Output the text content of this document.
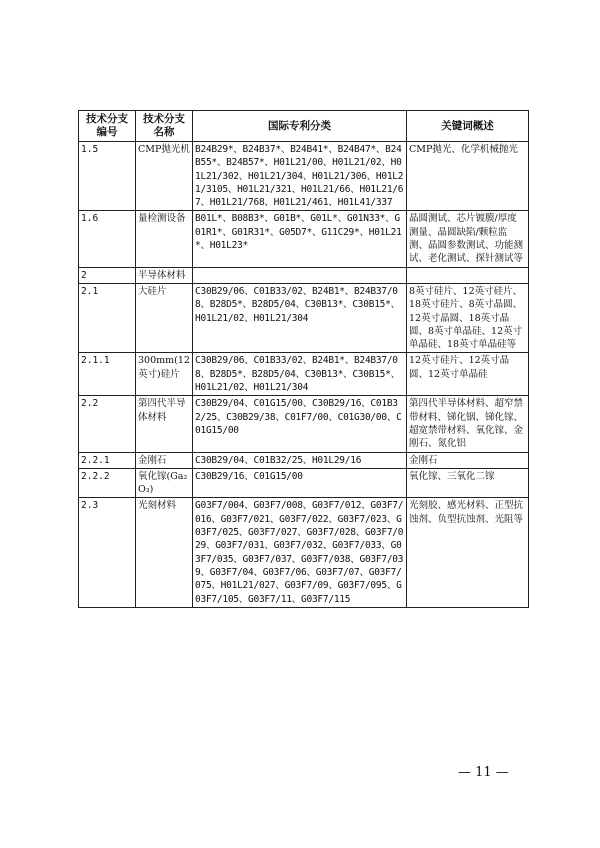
技术分支编号	技术分支名称	国际专利分类	关键词概述
1.5	CMP抛光机	B24B29*、B24B37*、B24B41*、B24B47*、B24B55*、B24B57*、H01L21/00、H01L21/02、H01L21/302、H01L21/304、H01L21/306、H01L21/3105、H01L21/321、H01L21/66、H01L21/67、H01L21/768、H01L21/461、H01L41/337	CMP抛光、化学机械抛光
1.6	量检测设备	B01L*、B08B3*、G01B*、G01L*、G01N33*、G01R1*、G01R31*、G05D7*、G11C29*、H01L21*、H01L23*	晶圆测试、芯片镀膜/厚度测量、晶圆缺陷/颗粒监测、晶圆参数测试、功能测试、老化测试、探针测试等
2	半导体材料		
2.1	大硅片	C30B29/06、C01B33/02、B24B1*、B24B37/08、B28D5*、B28D5/04、C30B13*、C30B15*、H01L21/02、H01L21/304	8英寸硅片、12英寸硅片、18英寸硅片、8英寸晶圆、12英寸晶圆、18英寸晶圆、8英寸单晶硅、12英寸单晶硅、18英寸单晶硅等
2.1.1	300mm(12英寸)硅片	C30B29/06、C01B33/02、B24B1*、B24B37/08、B28D5*、B28D5/04、C30B13*、C30B15*、H01L21/02、H01L21/304	12英寸硅片、12英寸晶圆、12英寸单晶硅
2.2	第四代半导体材料	C30B29/04、C01G15/00、C30B29/16、C01B32/25、C30B29/38、C01F7/00、C01G30/00、C01G15/00	第四代半导体材料、超窄禁带材料、锑化铟、锑化镓、超宽禁带材料、氧化镓、金刚石、氮化铝
2.2.1	金刚石	C30B29/04、C01B32/25、H01L29/16	金刚石
2.2.2	氧化镓(Ga₂O₃)	C30B29/16、C01G15/00	氧化镓、三氧化二镓
2.3	光刻材料	G03F7/004、G03F7/008、G03F7/012、G03F7/016、G03F7/021、G03F7/022、G03F7/023、G03F7/025、G03F7/027、G03F7/028、G03F7/029、G03F7/031、G03F7/032、G03F7/033、G03F7/035、G03F7/037、G03F7/038、G03F7/039、G03F7/04、G03F7/06、G03F7/07、G03F7/075、H01L21/027、G03F7/09、G03F7/095、G03F7/105、G03F7/11、G03F7/115	光刻胶、感光材料、正型抗蚀剂、负型抗蚀剂、光阻等
— 11 —
